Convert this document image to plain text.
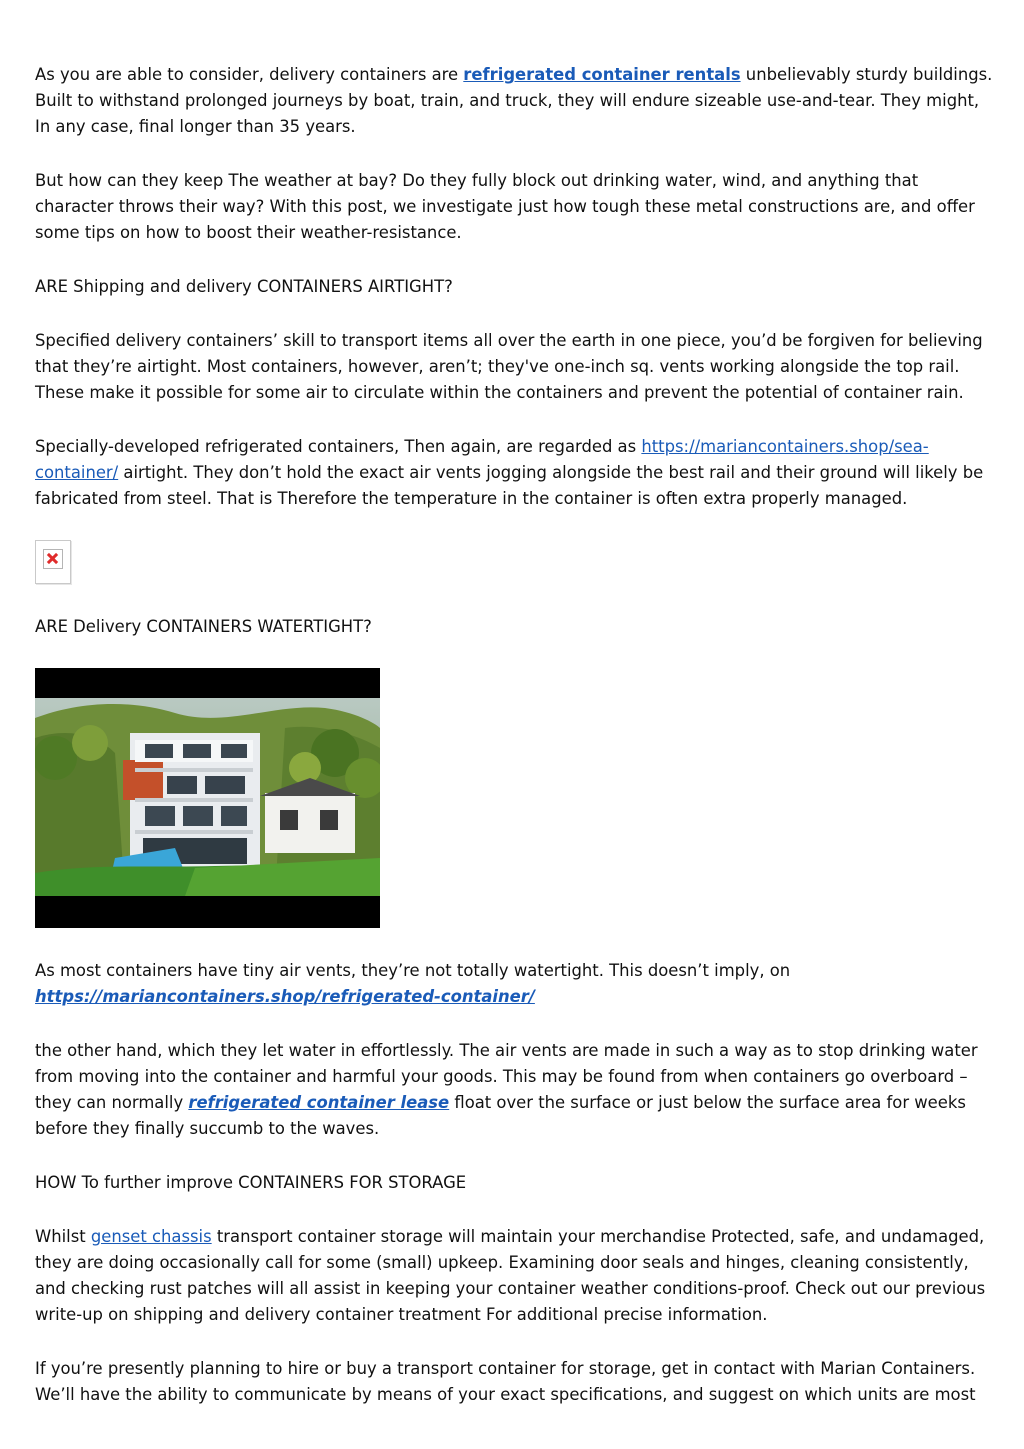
As you are able to consider, delivery containers are refrigerated container rentals unbelievably sturdy buildings. Built to withstand prolonged journeys by boat, train, and truck, they will endure sizeable use-and-tear. They might, In any case, final longer than 35 years.

But how can they keep The weather at bay? Do they fully block out drinking water, wind, and anything that character throws their way? With this post, we investigate just how tough these metal constructions are, and offer some tips on how to boost their weather-resistance.

ARE Shipping and delivery CONTAINERS AIRTIGHT?

Specified delivery containers’ skill to transport items all over the earth in one piece, you’d be forgiven for believing that they’re airtight. Most containers, however, aren’t; they've one-inch sq. vents working alongside the top rail. These make it possible for some air to circulate within the containers and prevent the potential of container rain.

Specially-developed refrigerated containers, Then again, are regarded as https://mariancontainers.shop/sea-container/ airtight. They don’t hold the exact air vents jogging alongside the best rail and their ground will likely be fabricated from steel. That is Therefore the temperature in the container is often extra properly managed.

ARE Delivery CONTAINERS WATERTIGHT?

As most containers have tiny air vents, they’re not totally watertight. This doesn’t imply, on
https://mariancontainers.shop/refrigerated-container/

the other hand, which they let water in effortlessly. The air vents are made in such a way as to stop drinking water from moving into the container and harmful your goods. This may be found from when containers go overboard – they can normally refrigerated container lease float over the surface or just below the surface area for weeks before they finally succumb to the waves.

HOW To further improve CONTAINERS FOR STORAGE

Whilst genset chassis transport container storage will maintain your merchandise Protected, safe, and undamaged, they are doing occasionally call for some (small) upkeep. Examining door seals and hinges, cleaning consistently, and checking rust patches will all assist in keeping your container weather conditions-proof. Check out our previous write-up on shipping and delivery container treatment For additional precise information.

If you’re presently planning to hire or buy a transport container for storage, get in contact with Marian Containers. We’ll have the ability to communicate by means of your exact specifications, and suggest on which units are most
